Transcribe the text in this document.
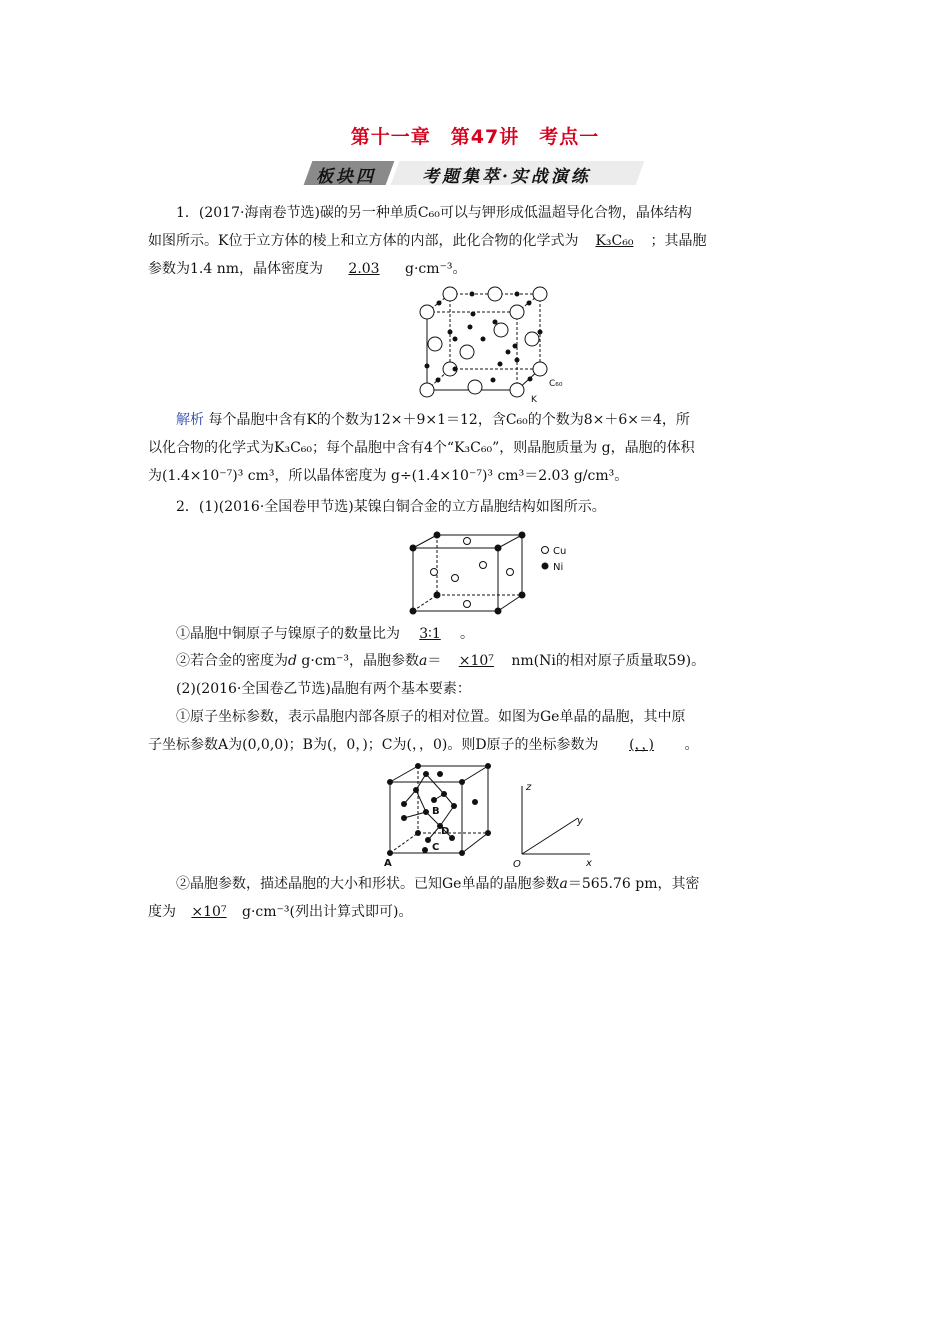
第十一章　第47讲　考点一
板块四	考题集萃·实战演练
1．(2017·海南卷节选)碳的另一种单质C₆₀可以与钾形成低温超导化合物，晶体结构
如图所示。K位于立方体的棱上和立方体的内部，此化合物的化学式为 K₃C₆₀ ；其晶胞
参数为1.4 nm，晶体密度为 2.03 g·cm⁻³。
C₆₀
K
解析 每个晶胞中含有K的个数为12×＋9×1＝12，含C₆₀的个数为8×＋6×＝4，所
以化合物的化学式为K₃C₆₀；每个晶胞中含有4个“K₃C₆₀”，则晶胞质量为 g，晶胞的体积
为(1.4×10⁻⁷)³ cm³，所以晶体密度为 g÷(1.4×10⁻⁷)³ cm³＝2.03 g/cm³。
2．(1)(2016·全国卷甲节选)某镍白铜合金的立方晶胞结构如图所示。
Cu
Ni
①晶胞中铜原子与镍原子的数量比为 3∶1 。
②若合金的密度为d g·cm⁻³，晶胞参数a＝ ×10⁷ nm(Ni的相对原子质量取59)。
(2)(2016·全国卷乙节选)晶胞有两个基本要素：
①原子坐标参数，表示晶胞内部各原子的相对位置。如图为Ge单晶的晶胞，其中原
子坐标参数A为(0,0,0)；B为(，0，)；C为(，，0)。则D原子的坐标参数为 (，，) 。
A
B
C
D
z
y
x
O
②晶胞参数，描述晶胞的大小和形状。已知Ge单晶的晶胞参数a＝565.76 pm，其密
度为 ×10⁷ g·cm⁻³(列出计算式即可)。
